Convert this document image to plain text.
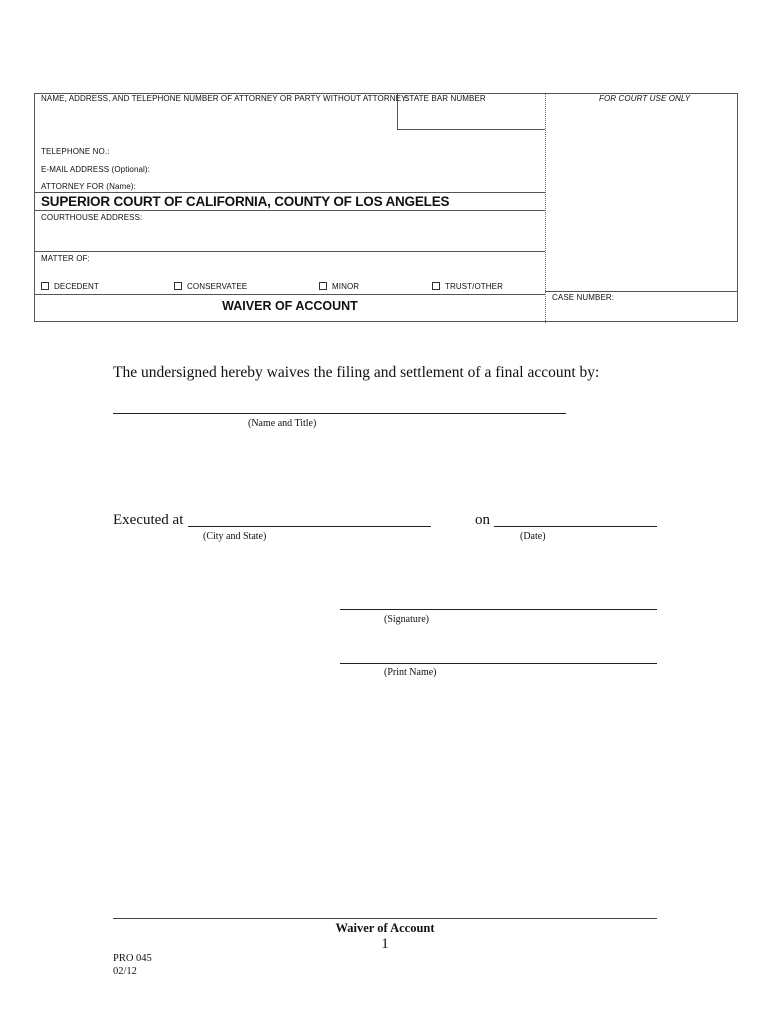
NAME, ADDRESS, AND TELEPHONE NUMBER OF ATTORNEY OR PARTY WITHOUT ATTORNEY:
STATE BAR NUMBER	FOR COURT USE ONLY
TELEPHONE NO.:
E-MAIL ADDRESS (Optional):
ATTORNEY FOR (Name):
SUPERIOR COURT OF CALIFORNIA, COUNTY OF LOS ANGELES
COURTHOUSE ADDRESS:
MATTER OF:
DECEDENT	CONSERVATEE	MINOR	TRUST/OTHER
WAIVER OF ACCOUNT
CASE NUMBER:
The undersigned hereby waives the filing and settlement of a final account by:
(Name and Title)
Executed at
(City and State)
on
(Date)
(Signature)
(Print Name)
Waiver of Account
1
PRO 045
02/12
